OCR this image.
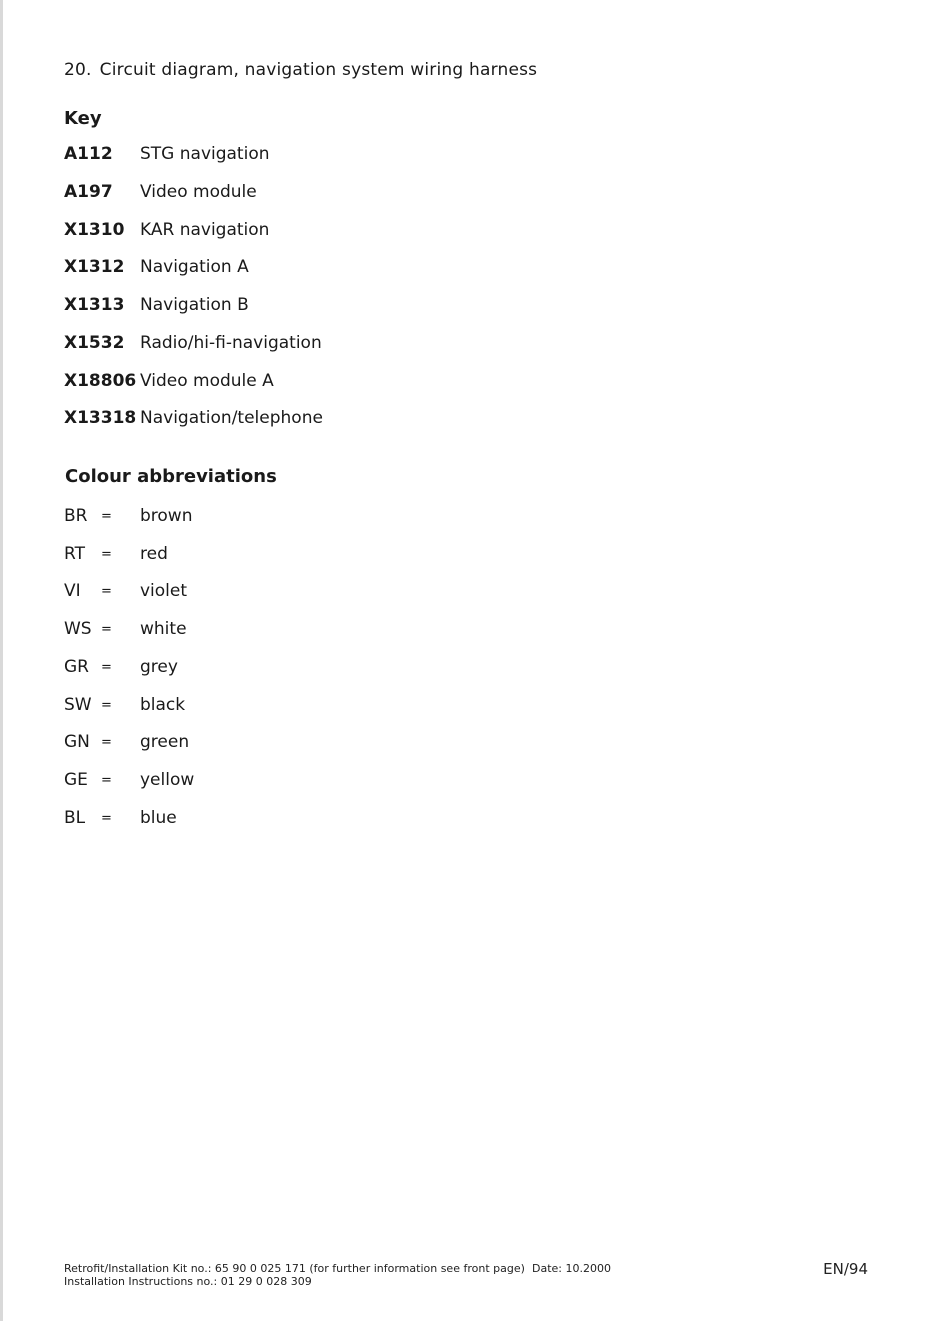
20. Circuit diagram, navigation system wiring harness
Key
A112 STG navigation
A197 Video module
X1310 KAR navigation
X1312 Navigation A
X1313 Navigation B
X1532 Radio/hi-fi-navigation
X18806 Video module A
X13318 Navigation/telephone
Colour abbreviations
BR = brown
RT = red
VI = violet
WS = white
GR = grey
SW = black
GN = green
GE = yellow
BL = blue
Retrofit/Installation Kit no.: 65 90 0 025 171 (for further information see front page) Date: 10.2000
Installation Instructions no.: 01 29 0 028 309
EN/94
